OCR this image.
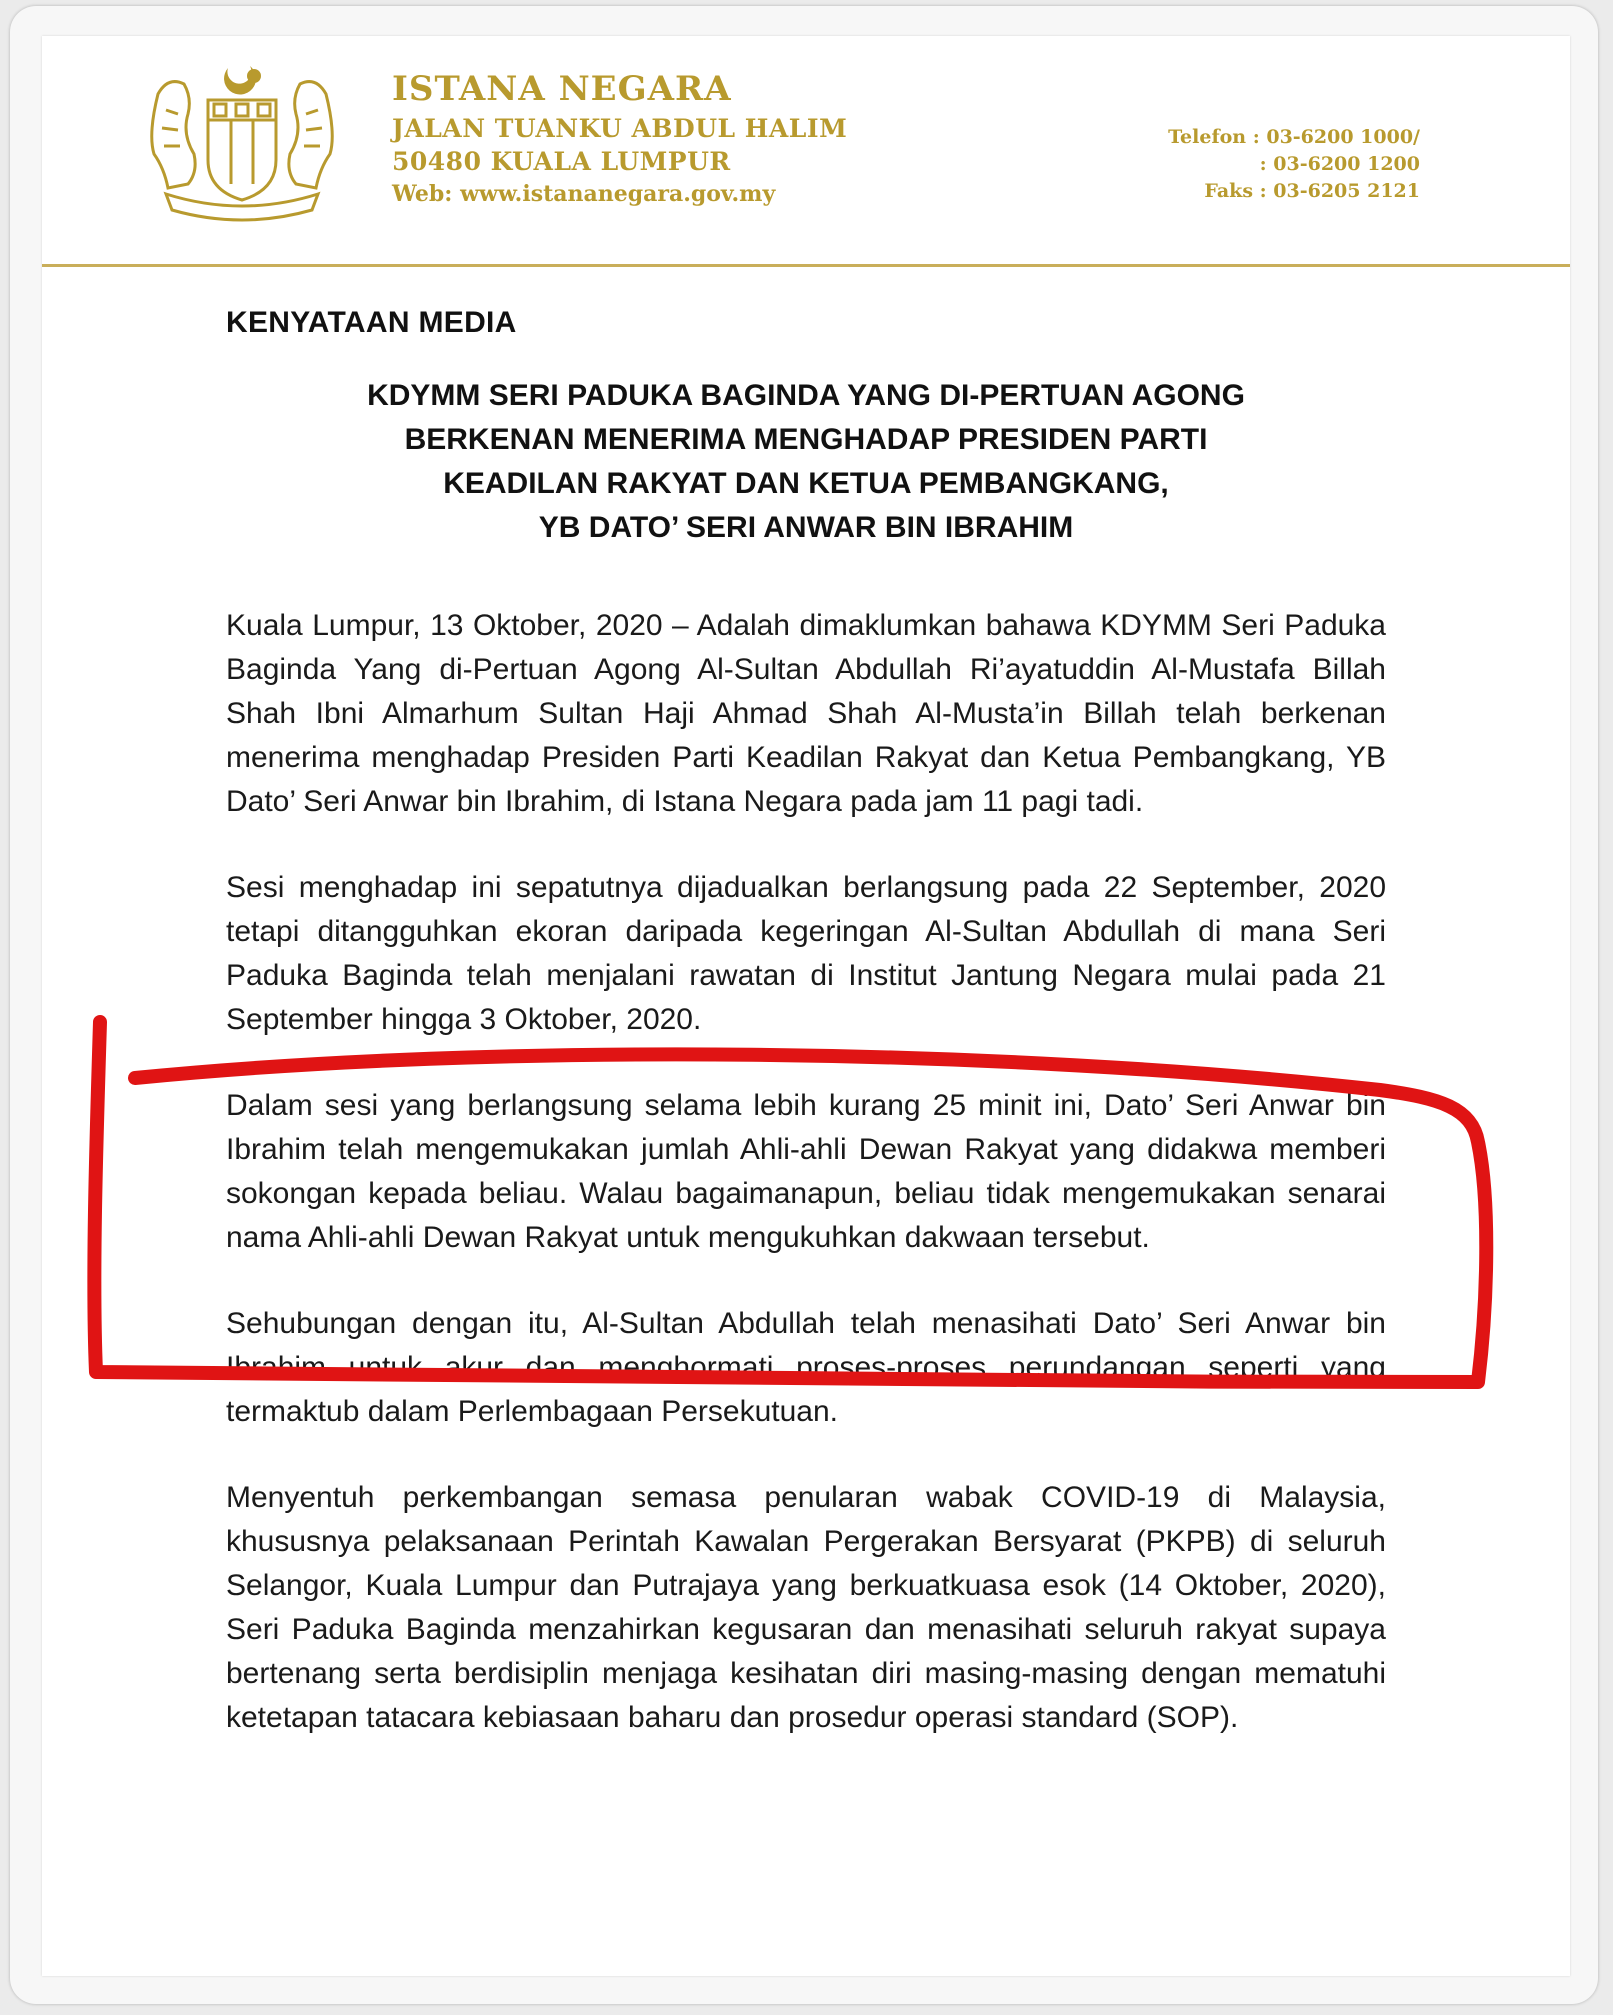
ISTANA NEGARA
JALAN TUANKU ABDUL HALIM
50480 KUALA LUMPUR
Web: www.istananegara.gov.my
Telefon : 03-6200 1000/
: 03-6200 1200
Faks : 03-6205 2121
KENYATAAN MEDIA
KDYMM SERI PADUKA BAGINDA YANG DI-PERTUAN AGONG
BERKENAN MENERIMA MENGHADAP PRESIDEN PARTI
KEADILAN RAKYAT DAN KETUA PEMBANGKANG,
YB DATO’ SERI ANWAR BIN IBRAHIM

Kuala Lumpur, 13 Oktober, 2020 – Adalah dimaklumkan bahawa KDYMM Seri Paduka Baginda Yang di-Pertuan Agong Al-Sultan Abdullah Ri’ayatuddin Al-Mustafa Billah Shah Ibni Almarhum Sultan Haji Ahmad Shah Al-Musta’in Billah telah berkenan menerima menghadap Presiden Parti Keadilan Rakyat dan Ketua Pembangkang, YB Dato’ Seri Anwar bin Ibrahim, di Istana Negara pada jam 11 pagi tadi.

Sesi menghadap ini sepatutnya dijadualkan berlangsung pada 22 September, 2020 tetapi ditangguhkan ekoran daripada kegeringan Al-Sultan Abdullah di mana Seri Paduka Baginda telah menjalani rawatan di Institut Jantung Negara mulai pada 21 September hingga 3 Oktober, 2020.

Dalam sesi yang berlangsung selama lebih kurang 25 minit ini, Dato’ Seri Anwar bin Ibrahim telah mengemukakan jumlah Ahli-ahli Dewan Rakyat yang didakwa memberi sokongan kepada beliau. Walau bagaimanapun, beliau tidak mengemukakan senarai nama Ahli-ahli Dewan Rakyat untuk mengukuhkan dakwaan tersebut.

Sehubungan dengan itu, Al-Sultan Abdullah telah menasihati Dato’ Seri Anwar bin Ibrahim untuk akur dan menghormati proses-proses perundangan seperti yang termaktub dalam Perlembagaan Persekutuan.

Menyentuh perkembangan semasa penularan wabak COVID-19 di Malaysia, khususnya pelaksanaan Perintah Kawalan Pergerakan Bersyarat (PKPB) di seluruh Selangor, Kuala Lumpur dan Putrajaya yang berkuatkuasa esok (14 Oktober, 2020), Seri Paduka Baginda menzahirkan kegusaran dan menasihati seluruh rakyat supaya bertenang serta berdisiplin menjaga kesihatan diri masing-masing dengan mematuhi ketetapan tatacara kebiasaan baharu dan prosedur operasi standard (SOP).
